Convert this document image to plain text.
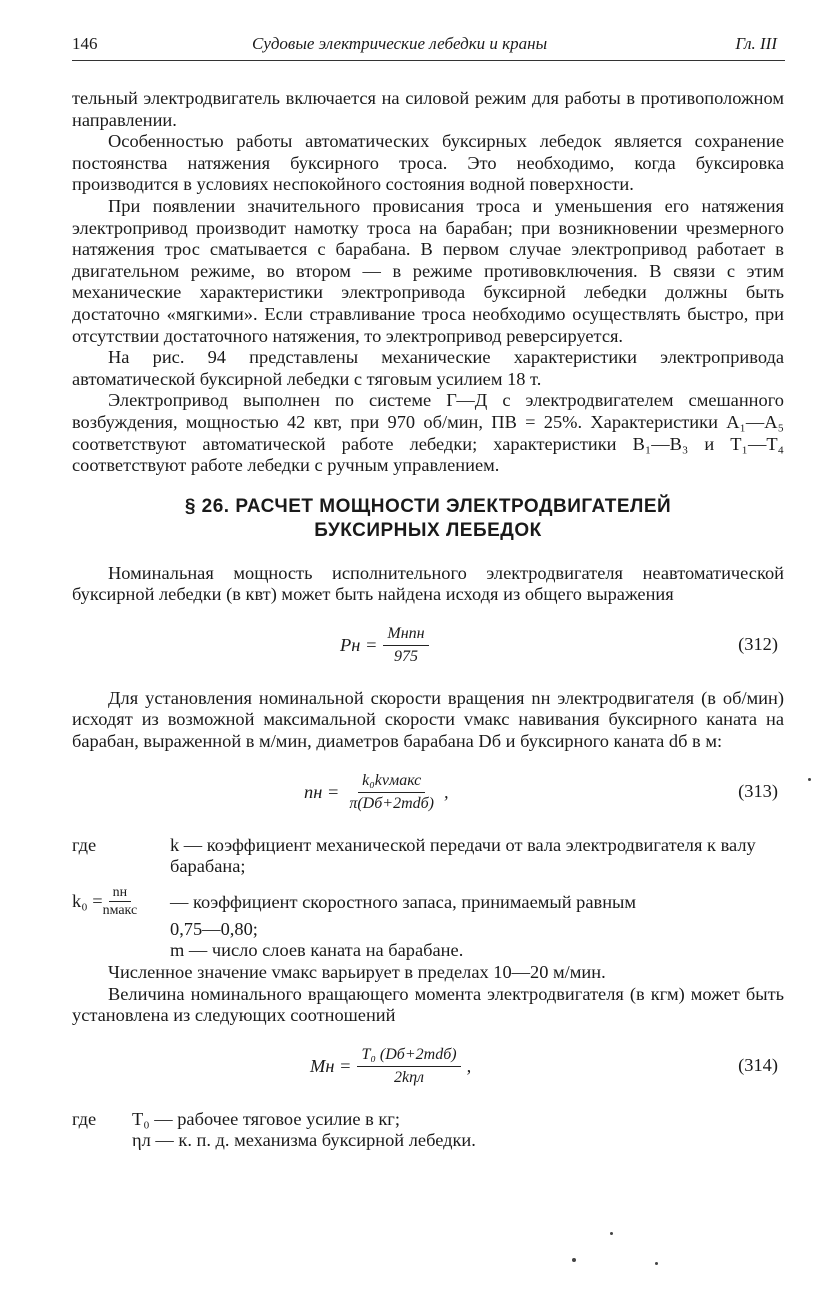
146	Судовые электрические лебедки и краны	Гл. III

тельный электродвигатель включается на силовой режим для работы в противоположном направлении.

Особенностью работы автоматических буксирных лебедок является сохранение постоянства натяжения буксирного троса. Это необходимо, когда буксировка производится в условиях неспокойного состояния водной поверхности.

При появлении значительного провисания троса и уменьшения его натяжения электропривод производит намотку троса на барабан; при возникновении чрезмерного натяжения трос сматывается с барабана. В первом случае электропривод работает в двигательном режиме, во втором — в режиме противовключения. В связи с этим механические характеристики электропривода буксирной лебедки должны быть достаточно «мягкими». Если стравливание троса необходимо осуществлять быстро, при отсутствии достаточного натяжения, то электропривод реверсируется.

На рис. 94 представлены механические характеристики электропривода автоматической буксирной лебедки с тяговым усилием 18 т.

Электропривод выполнен по системе Г—Д с электродвигателем смешанного возбуждения, мощностью 42 квт, при 970 об/мин, ПВ = 25%. Характеристики A₁—A₅ соответствуют автоматической работе лебедки; характеристики B₁—B₃ и T₁—T₄ соответствуют работе лебедки с ручным управлением.

§ 26. РАСЧЕТ МОЩНОСТИ ЭЛЕКТРОДВИГАТЕЛЕЙ
БУКСИРНЫХ ЛЕБЕДОК

Номинальная мощность исполнительного электродвигателя неавтоматической буксирной лебедки (в квт) может быть найдена исходя из общего выражения

Pн = $\frac{\text{Mнnн}}{975}$	(312)

Для установления номинальной скорости вращения nн электродвигателя (в об/мин) исходят из возможной максимальной скорости vмакс навивания буксирного каната на барабан, выраженной в м/мин, диаметров барабана Dб и буксирного каната dб в м:

nн = $\frac{\text{k₀kvмакс}}{\text{π(Dб+2mdб)}}$ ,	(313)
где	k — коэффициент механической передачи от вала электродвигателя к валу барабана;
$k_0 = \frac{nн}{\text{nмакс}}$ — коэффициент скоростного запаса, принимаемый равным
0,75—0,80;
m — число слоев каната на барабане.

Численное значение vмакс варьирует в пределах 10—20 м/мин.

Величина номинального вращающего момента электродвигателя (в кгм) может быть установлена из следующих соотношений

Mн = $\frac{\text{T₀ (Dб+2mdб)}}{\text{2kηл}}$ ,	(314)
где	T₀ — рабочее тяговое усилие в кг;
ηл — к. п. д. механизма буксирной лебедки.
